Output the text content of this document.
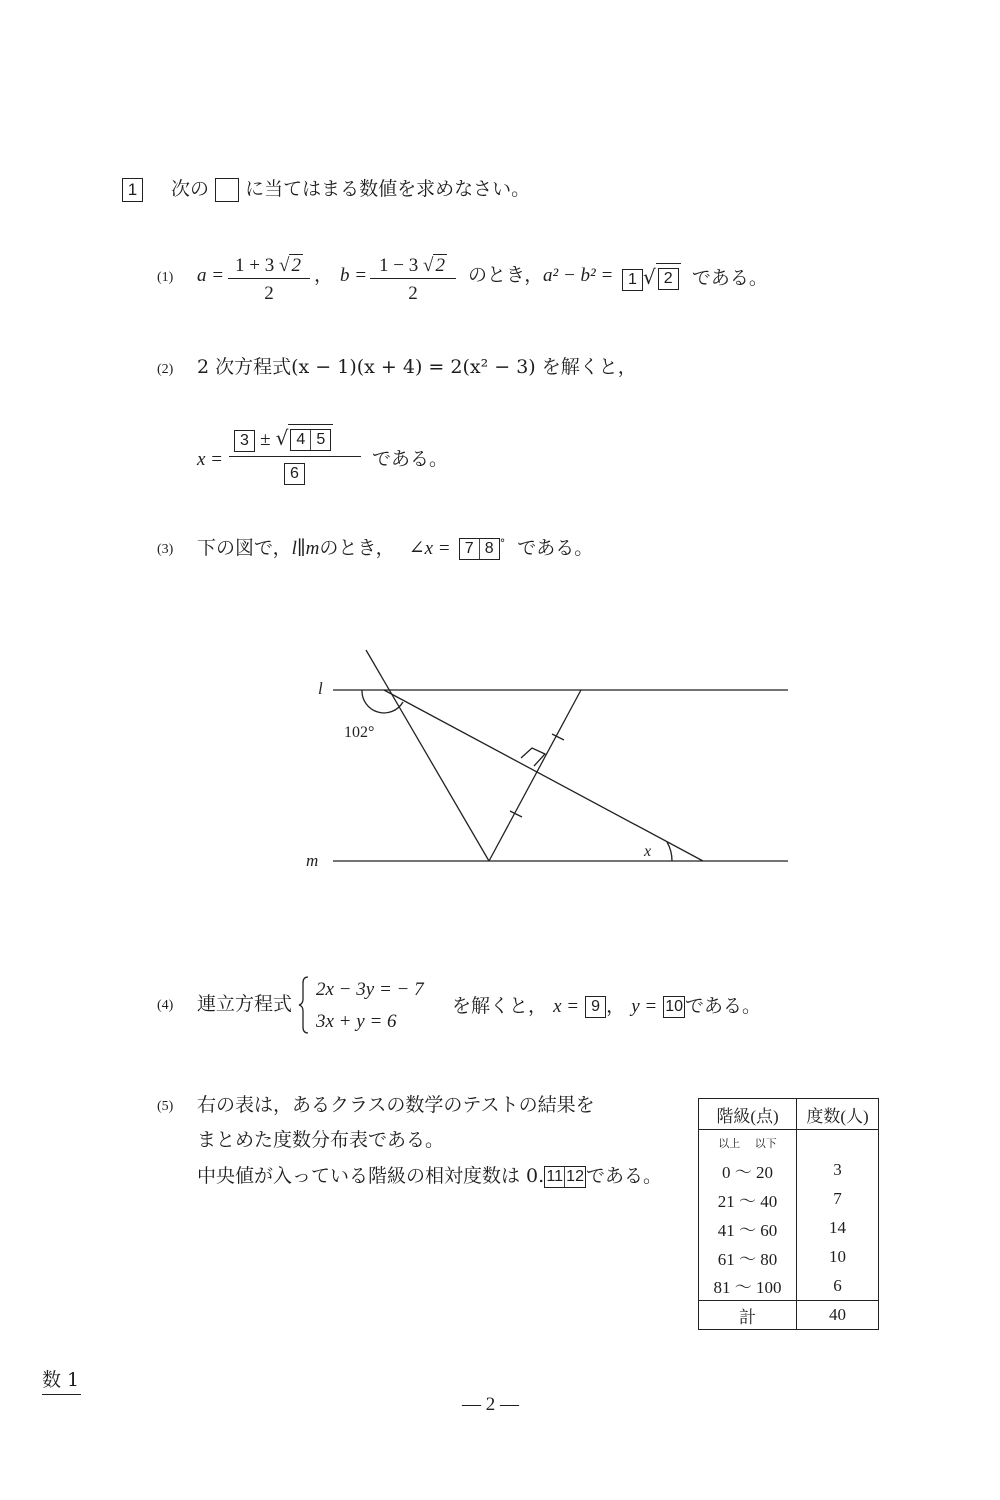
1 次の に当てはまる数値を求めなさい。
(1) a = 1 + 3 √ 2
2
， b = 1 − 3 √ 2
2
のとき， a² − b² = 1 √ 2 である。
(2) 2 次方程式(x − 1)(x + 4) = 2(x² − 3) を解くと，
x =
3 ± √ 4 5
6
である。
(3) 下の図で，l∥mのとき， ∠x = 7 8 ° である。
l
m
102°
x
(4) 連立方程式
2x − 3y = − 7
3x + y = 6
を解くと， x = 9 ， y = 10 である。
(5) 右の表は，あるクラスの数学のテストの結果を
まとめた度数分布表である。
中央値が入っている階級の相対度数は 0. 11 12 である。
階級(点)	度数(人)
以上　 以下	
0 〜 20	3
21 〜 40	7
41 〜 60	14
61 〜 80	10
81 〜 100	6
計	40
数 1
— 2 —
